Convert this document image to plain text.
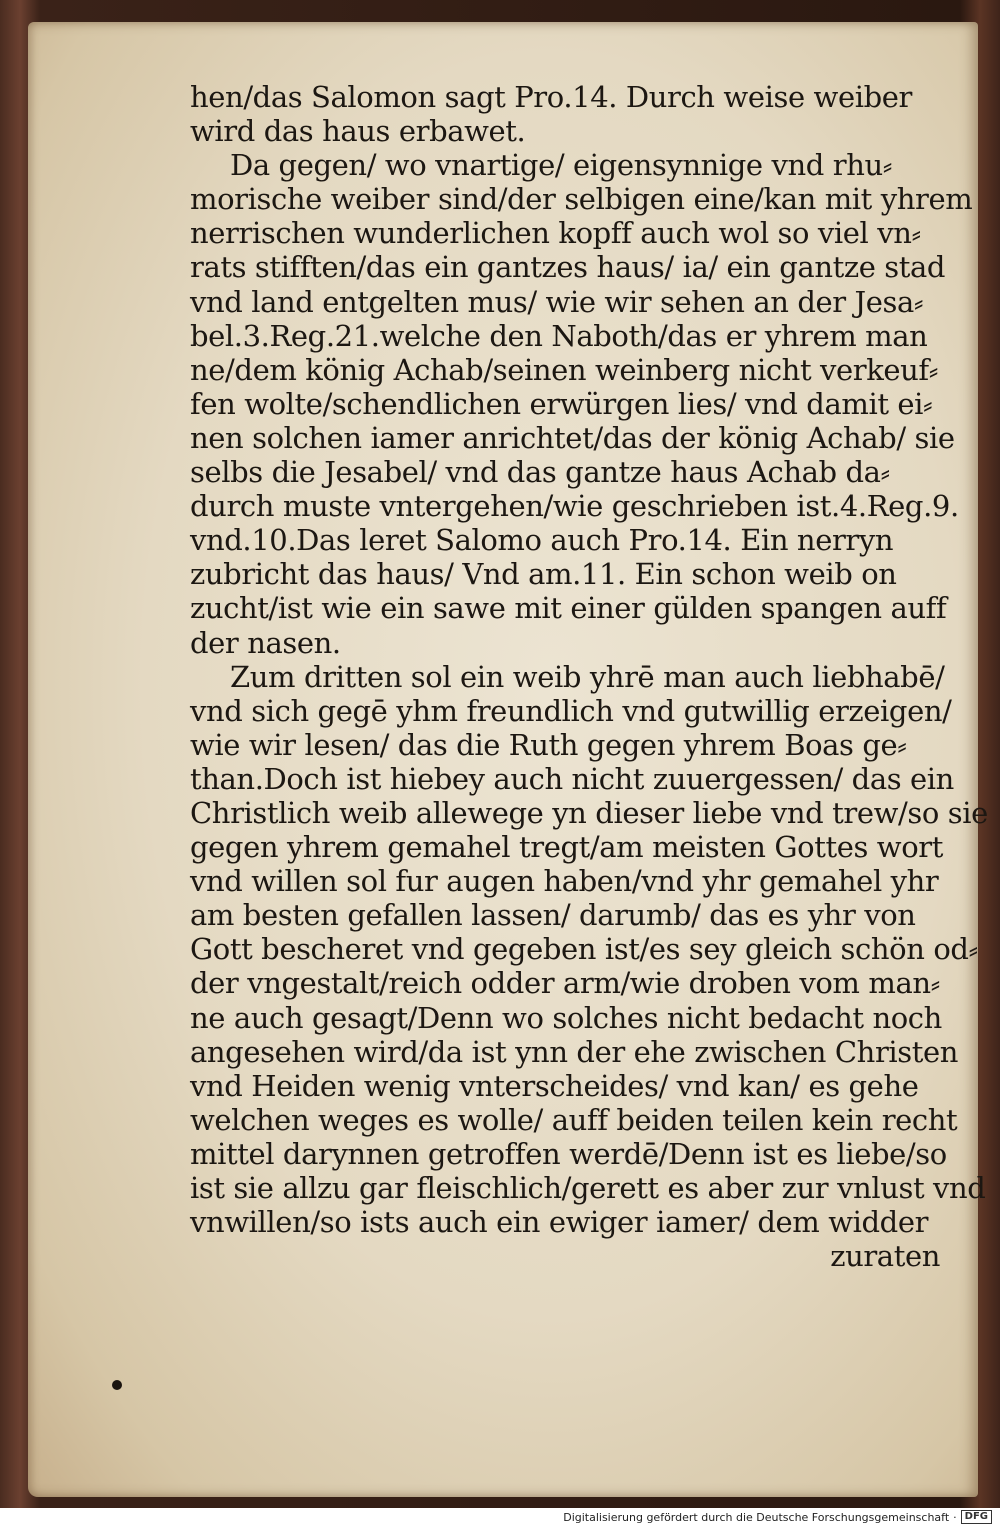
hen/das Salomon sagt Pro.14. Durch weise weiber
wird das haus erbawet.
Da gegen/ wo vnartige/ eigensynnige vnd rhu⸗
morische weiber sind/der selbigen eine/kan mit yhrem
nerrischen wunderlichen kopff auch wol so viel vn⸗
rats stifften/das ein gantzes haus/ ia/ ein gantze stad
vnd land entgelten mus/ wie wir sehen an der Jesa⸗
bel.3.Reg.21.welche den Naboth/das er yhrem man
ne/dem könig Achab/seinen weinberg nicht verkeuf⸗
fen wolte/schendlichen erwürgen lies/ vnd damit ei⸗
nen solchen iamer anrichtet/das der könig Achab/ sie
selbs die Jesabel/ vnd das gantze haus Achab da⸗
durch muste vntergehen/wie geschrieben ist.4.Reg.9.
vnd.10.Das leret Salomo auch Pro.14. Ein nerryn
zubricht das haus/ Vnd am.11. Ein schon weib on
zucht/ist wie ein sawe mit einer gülden spangen auff
der nasen.
Zum dritten sol ein weib yhrē man auch liebhabē/
vnd sich gegē yhm freundlich vnd gutwillig erzeigen/
wie wir lesen/ das die Ruth gegen yhrem Boas ge⸗
than.Doch ist hiebey auch nicht zuuergessen/ das ein
Christlich weib allewege yn dieser liebe vnd trew/so sie
gegen yhrem gemahel tregt/am meisten Gottes wort
vnd willen sol fur augen haben/vnd yhr gemahel yhr
am besten gefallen lassen/ darumb/ das es yhr von
Gott bescheret vnd gegeben ist/es sey gleich schön od⸗
der vngestalt/reich odder arm/wie droben vom man⸗
ne auch gesagt/Denn wo solches nicht bedacht noch
angesehen wird/da ist ynn der ehe zwischen Christen
vnd Heiden wenig vnterscheides/ vnd kan/ es gehe
welchen weges es wolle/ auff beiden teilen kein recht
mittel darynnen getroffen werdē/Denn ist es liebe/so
ist sie allzu gar fleischlich/gerett es aber zur vnlust vnd
vnwillen/so ists auch ein ewiger iamer/ dem widder
zuraten
Digitalisierung gefördert durch die Deutsche Forschungsgemeinschaft · DFG
